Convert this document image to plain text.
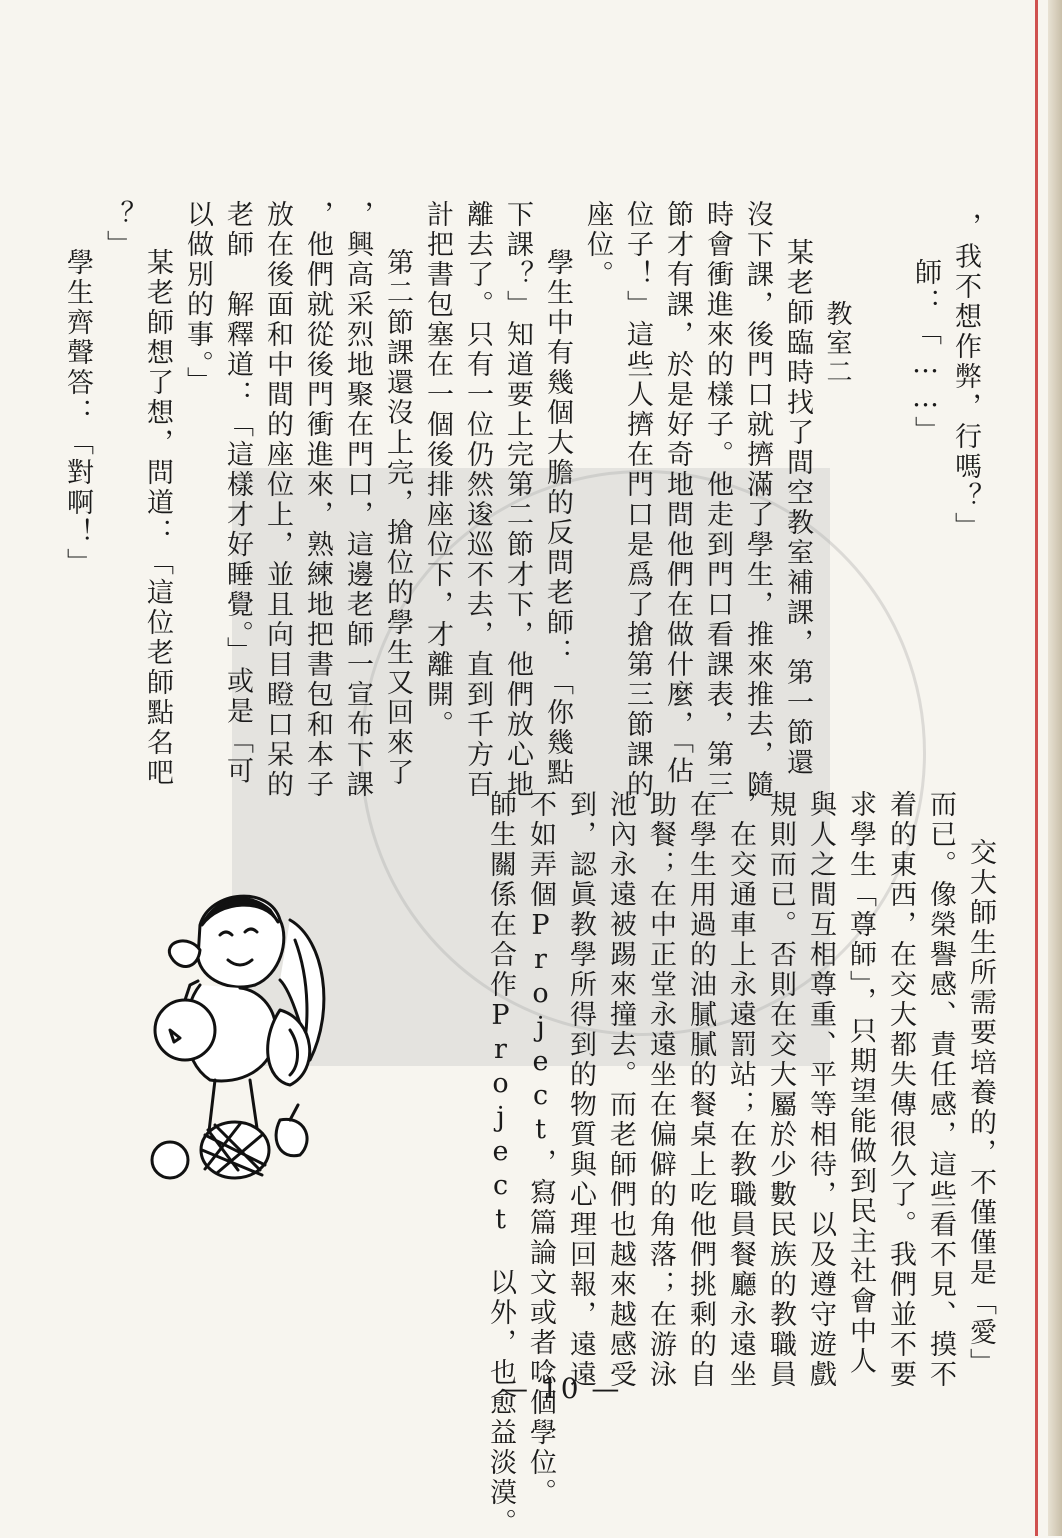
，我不想作弊，行嗎？」
師：「……」
教室二
某老師臨時找了間空教室補課，第一節還
沒下課，後門口就擠滿了學生，推來推去，隨
時會衝進來的樣子。他走到門口看課表，第三
節才有課，於是好奇地問他們在做什麼，「佔
位子！」這些人擠在門口是爲了搶第三節課的
座位。
學生中有幾個大膽的反問老師：「你幾點
下課？」知道要上完第二節才下，他們放心地
離去了。只有一位仍然逡巡不去，直到千方百
計把書包塞在一個後排座位下，才離開。
第二節課還沒上完，搶位的學生又回來了
，興高采烈地聚在門口，這邊老師一宣布下課
，他們就從後門衝進來，熟練地把書包和本子
放在後面和中間的座位上，並且向目瞪口呆的
老師　解釋道：「這樣才好睡覺。」或是「可
以做別的事。」
某老師想了想，問道：「這位老師點名吧
？」
學生齊聲答：「對啊！」
交大師生所需要培養的，不僅僅是「愛」
而已。像榮譽感、責任感，這些看不見、摸不
着的東西，在交大都失傳很久了。我們並不要
求學生「尊師」，只期望能做到民主社會中人
與人之間互相尊重、平等相待，以及遵守遊戲
規則而已。否則在交大屬於少數民族的教職員
，在交通車上永遠罰站；在教職員餐廳永遠坐
在學生用過的油膩膩的餐桌上吃他們挑剩的自
助餐；在中正堂永遠坐在偏僻的角落；在游泳
池內永遠被踢來撞去。而老師們也越來越感受
到，認眞教學所得到的物質與心理回報，遠遠
不如弄個Project，寫篇論文或者唸個學位。
師生關係在合作Project　以外，也愈益淡漠。
— 10 —
